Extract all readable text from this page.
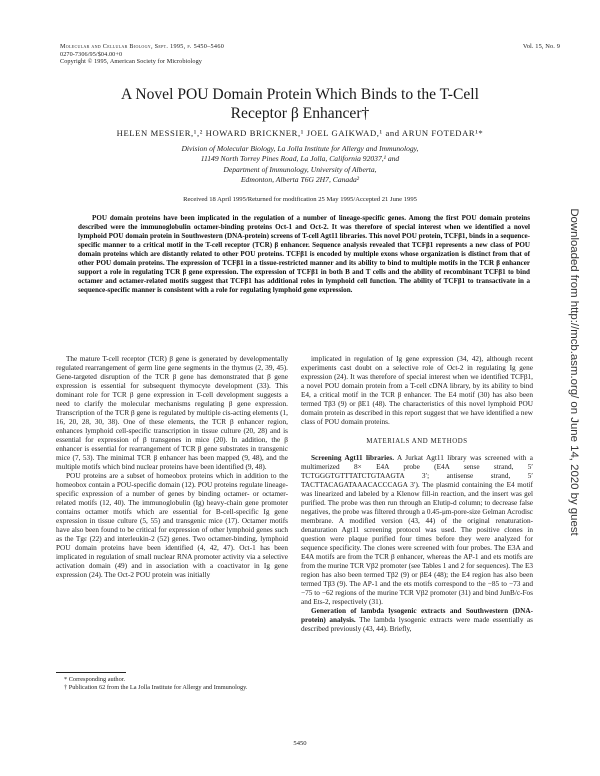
Molecular and Cellular Biology, Sept. 1995, p. 5450–5460
0270-7306/95/$04.00+0
Copyright © 1995, American Society for Microbiology
Vol. 15, No. 9
A Novel POU Domain Protein Which Binds to the T-Cell
Receptor β Enhancer†
HELEN MESSIER,¹,² HOWARD BRICKNER,¹ JOEL GAIKWAD,¹ and ARUN FOTEDAR¹*
Division of Molecular Biology, La Jolla Institute for Allergy and Immunology,
11149 North Torrey Pines Road, La Jolla, California 92037,¹ and
Department of Immunology, University of Alberta,
Edmonton, Alberta T6G 2H7, Canada²
Received 18 April 1995/Returned for modification 25 May 1995/Accepted 21 June 1995
POU domain proteins have been implicated in the regulation of a number of lineage-specific genes. Among the first POU domain proteins described were the immunoglobulin octamer-binding proteins Oct-1 and Oct-2. It was therefore of special interest when we identified a novel lymphoid POU domain protein in Southwestern (DNA-protein) screens of T-cell Agt11 libraries. This novel POU protein, TCFβ1, binds in a sequence-specific manner to a critical motif in the T-cell receptor (TCR) β enhancer. Sequence analysis revealed that TCFβ1 represents a new class of POU domain proteins which are distantly related to other POU proteins. TCFβ1 is encoded by multiple exons whose organization is distinct from that of other POU domain proteins. The expression of TCFβ1 in a tissue-restricted manner and its ability to bind to multiple motifs in the TCR β enhancer support a role in regulating TCR β gene expression. The expression of TCFβ1 in both B and T cells and the ability of recombinant TCFβ1 to bind octamer and octamer-related motifs suggest that TCFβ1 has additional roles in lymphoid cell function. The ability of TCFβ1 to transactivate in a sequence-specific manner is consistent with a role for regulating lymphoid gene expression.

The mature T-cell receptor (TCR) β gene is generated by developmentally regulated rearrangement of germ line gene segments in the thymus (2, 39, 45). Gene-targeted disruption of the TCR β gene has demonstrated that β gene expression is essential for subsequent thymocyte development (33). This dominant role for TCR β gene expression in T-cell development suggests a need to clarify the molecular mechanisms regulating β gene expression. Transcription of the TCR β gene is regulated by multiple cis-acting elements (1, 16, 20, 28, 30, 38). One of these elements, the TCR β enhancer region, enhances lymphoid cell-specific transcription in tissue culture (20, 28) and is essential for expression of β transgenes in mice (20). In addition, the β enhancer is essential for rearrangement of TCR β gene substrates in transgenic mice (7, 53). The minimal TCR β enhancer has been mapped (9, 48), and the multiple motifs which bind nuclear proteins have been identified (9, 48).

POU proteins are a subset of homeobox proteins which in addition to the homeobox contain a POU-specific domain (12). POU proteins regulate lineage-specific expression of a number of genes by binding octamer- or octamer-related motifs (12, 40). The immunoglobulin (Ig) heavy-chain gene promoter contains octamer motifs which are essential for B-cell-specific Ig gene expression in tissue culture (5, 55) and transgenic mice (17). Octamer motifs have also been found to be critical for expression of other lymphoid genes such as the Tgε (22) and interleukin-2 (52) genes. Two octamer-binding, lymphoid POU domain proteins have been identified (4, 42, 47). Oct-1 has been implicated in regulation of small nuclear RNA promoter activity via a selective activation domain (49) and in association with a coactivator in Ig gene expression (24). The Oct-2 POU protein was initially

implicated in regulation of Ig gene expression (34, 42), although recent experiments cast doubt on a selective role of Oct-2 in regulating Ig gene expression (24). It was therefore of special interest when we identified TCFβ1, a novel POU domain protein from a T-cell cDNA library, by its ability to bind E4, a critical motif in the TCR β enhancer. The E4 motif (30) has also been termed Tβ3 (9) or βE1 (48). The characteristics of this novel lymphoid POU domain protein as described in this report suggest that we have identified a new class of POU domain proteins.

MATERIALS AND METHODS

Screening Agt11 libraries. A Jurkat Agt11 library was screened with a multimerized 8× E4A probe (E4A sense strand, 5′ TCTGGGTGTTTATCTGTAAGTA 3′; antisense strand, 5′ TACTTACAGATAAACACCCAGA 3′). The plasmid containing the E4 motif was linearized and labeled by a Klenow fill-in reaction, and the insert was gel purified. The probe was then run through an Elutip-d column; to decrease false negatives, the probe was filtered through a 0.45-μm-pore-size Gelman Acrodisc membrane. A modified version (43, 44) of the original renaturation-denaturation Agt11 screening protocol was used. The positive clones in question were plaque purified four times before they were analyzed for sequence specificity. The clones were screened with four probes. The E3A and E4A motifs are from the TCR β enhancer, whereas the AP-1 and ets motifs are from the murine TCR Vβ2 promoter (see Tables 1 and 2 for sequences). The E3 region has also been termed Tβ2 (9) or βE4 (48); the E4 region has also been termed Tβ3 (9). The AP-1 and the ets motifs correspond to the −85 to −73 and −75 to −62 regions of the murine TCR Vβ2 promoter (31) and bind JunB/c-Fos and Ets-2, respectively (31).

Generation of lambda lysogenic extracts and Southwestern (DNA-protein) analysis. The lambda lysogenic extracts were made essentially as described previously (43, 44). Briefly,

* Corresponding author.
† Publication 62 from the La Jolla Institute for Allergy and Immunology.
5450
Downloaded from http://mcb.asm.org/ on June 14, 2020 by guest
